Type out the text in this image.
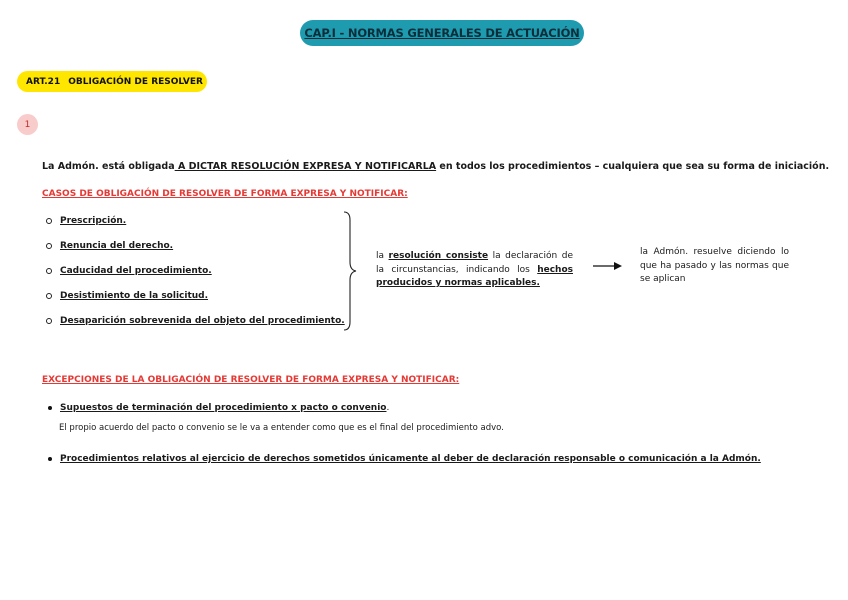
CAP.I - NORMAS GENERALES DE ACTUACIÓN
ART.21 OBLIGACIÓN DE RESOLVER
1
La Admón. está obligada A DICTAR RESOLUCIÓN EXPRESA Y NOTIFICARLA en todos los procedimientos – cualquiera que sea su forma de iniciación.
CASOS DE OBLIGACIÓN DE RESOLVER DE FORMA EXPRESA Y NOTIFICAR:
Prescripción.
Renuncia del derecho.
Caducidad del procedimiento.
Desistimiento de la solicitud.
Desaparición sobrevenida del objeto del procedimiento.
la resolución consiste la declaración de la circunstancias, indicando los hechos producidos y normas aplicables.
la Admón. resuelve diciendo lo que ha pasado y las normas que se aplican
EXCEPCIONES DE LA OBLIGACIÓN DE RESOLVER DE FORMA EXPRESA Y NOTIFICAR:
Supuestos de terminación del procedimiento x pacto o convenio .
El propio acuerdo del pacto o convenio se le va a entender como que es el final del procedimiento advo.
Procedimientos relativos al ejercicio de derechos sometidos únicamente al deber de declaración responsable o comunicación a la Admón.
